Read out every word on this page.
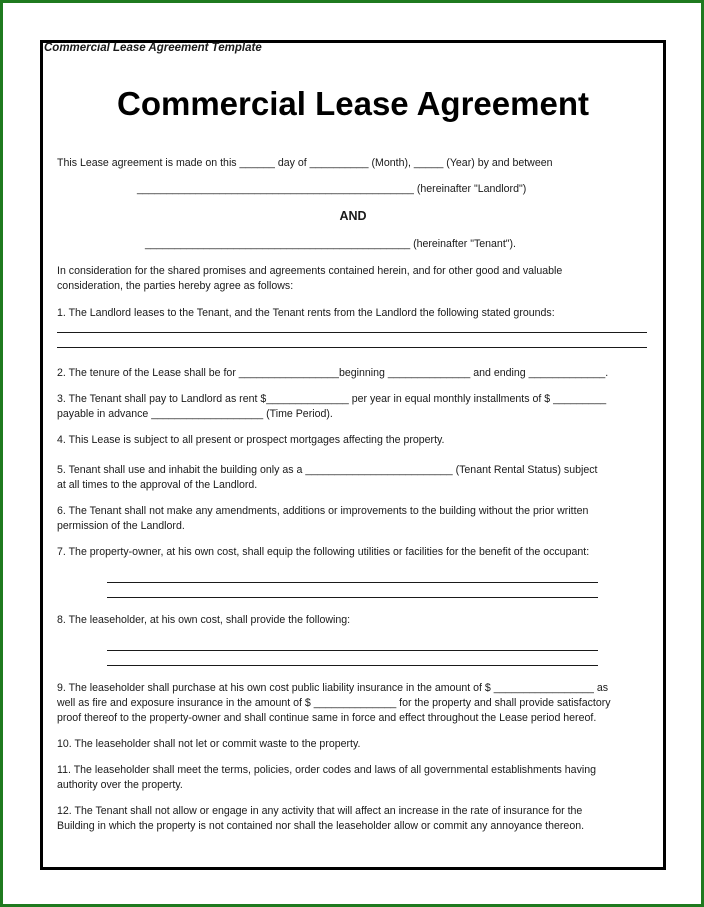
Commercial Lease Agreement Template
Commercial Lease Agreement
This Lease agreement is made on this ______ day of __________ (Month), _____ (Year) by and between
_______________________________________________ (hereinafter "Landlord")
AND
_____________________________________________ (hereinafter "Tenant").
In consideration for the shared promises and agreements contained herein, and for other good and valuable
consideration, the parties hereby agree as follows:
1. The Landlord leases to the Tenant, and the Tenant rents from the Landlord the following stated grounds:
2. The tenure of the Lease shall be for _________________beginning ______________ and ending _____________.
3. The Tenant shall pay to Landlord as rent $______________ per year in equal monthly installments of $ _________
payable in advance ___________________ (Time Period).
4. This Lease is subject to all present or prospect mortgages affecting the property.
5. Tenant shall use and inhabit the building only as a _________________________ (Tenant Rental Status) subject
at all times to the approval of the Landlord.
6. The Tenant shall not make any amendments, additions or improvements to the building without the prior written
permission of the Landlord.
7. The property-owner, at his own cost, shall equip the following utilities or facilities for the benefit of the occupant:
8. The leaseholder, at his own cost, shall provide the following:
9. The leaseholder shall purchase at his own cost public liability insurance in the amount of $ _________________ as
well as fire and exposure insurance in the amount of $ ______________ for the property and shall provide satisfactory
proof thereof to the property-owner and shall continue same in force and effect throughout the Lease period hereof.
10. The leaseholder shall not let or commit waste to the property.
11. The leaseholder shall meet the terms, policies, order codes and laws of all governmental establishments having
authority over the property.
12. The Tenant shall not allow or engage in any activity that will affect an increase in the rate of insurance for the
Building in which the property is not contained nor shall the leaseholder allow or commit any annoyance thereon.
